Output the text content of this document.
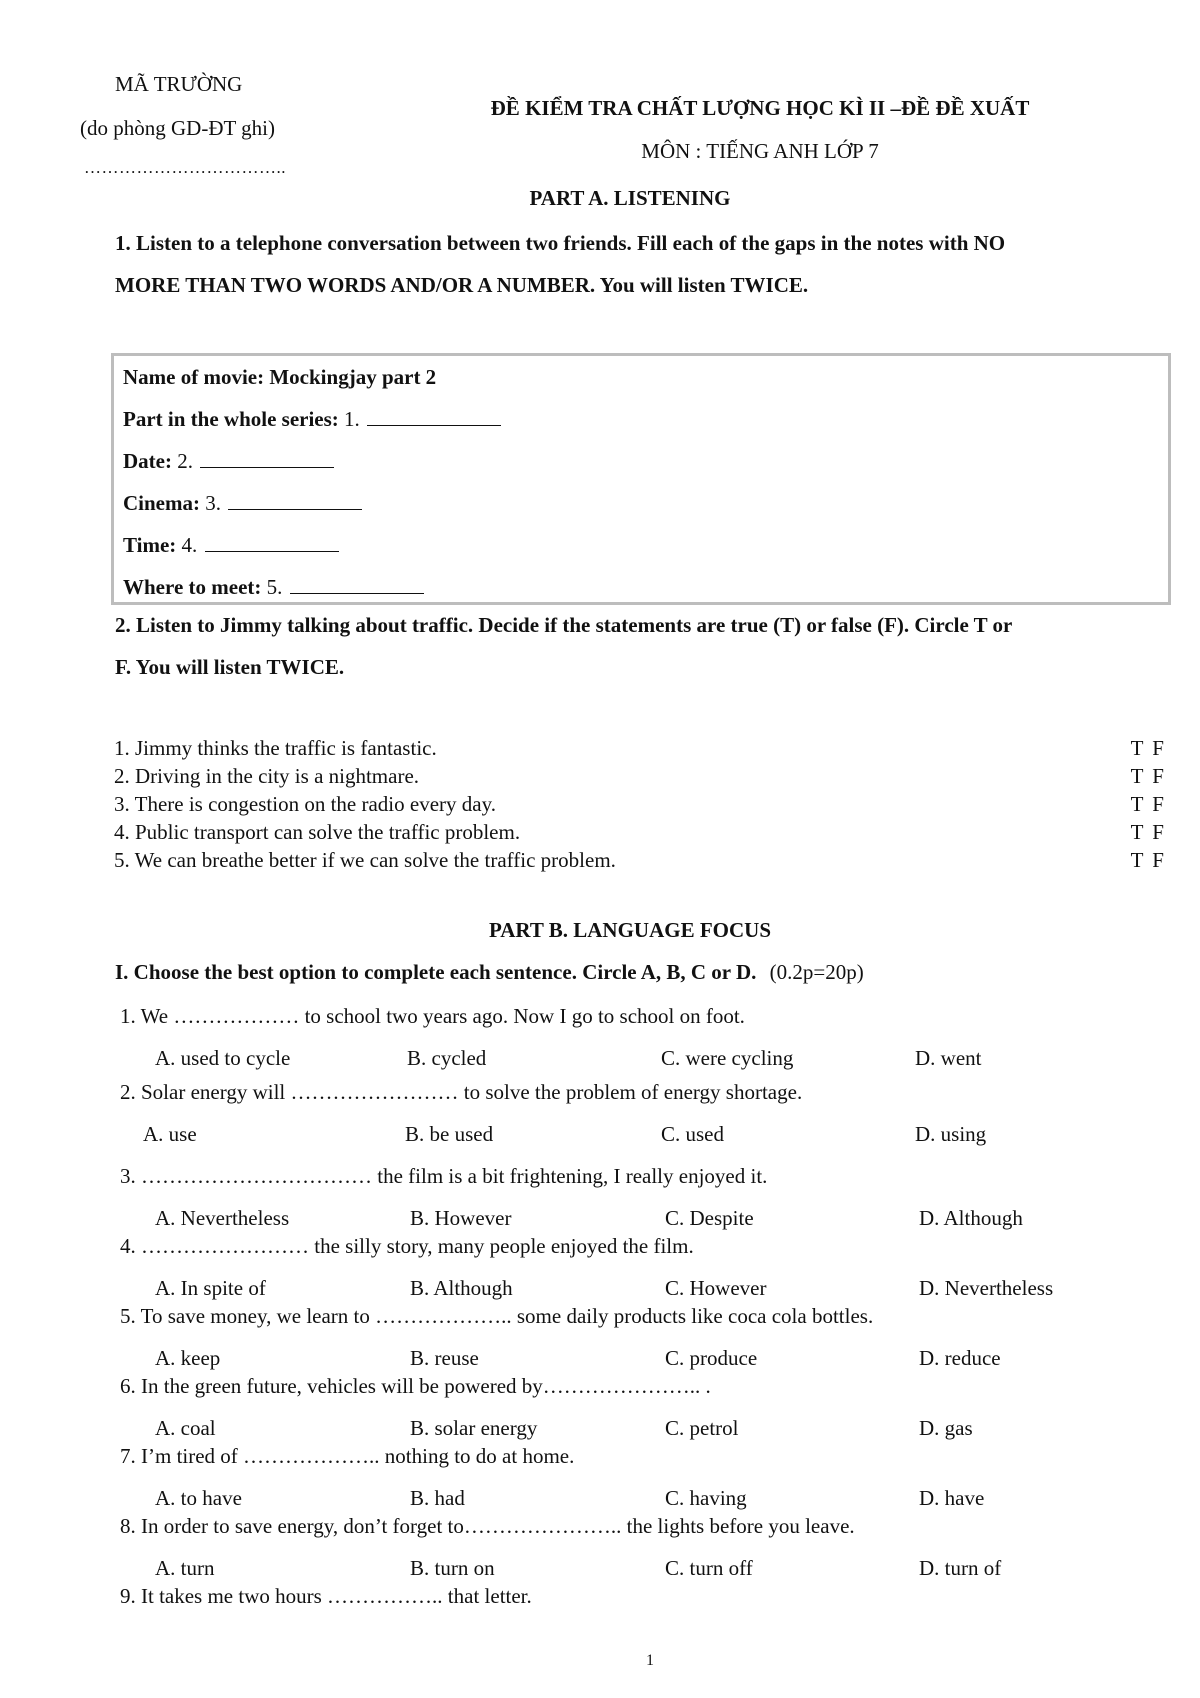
MÃ TRƯỜNG
(do phòng GD-ĐT ghi)
……………………………..
ĐỀ KIỂM TRA CHẤT LƯỢNG HỌC KÌ II –ĐỀ ĐỀ XUẤT
MÔN : TIẾNG ANH LỚP 7
PART A. LISTENING
1. Listen to a telephone conversation between two friends. Fill each of the gaps in the notes with NO
MORE THAN TWO WORDS AND/OR A NUMBER. You will listen TWICE.
Name of movie: Mockingjay part 2
Part in the whole series: 1.
Date: 2.
Cinema: 3.
Time: 4.
Where to meet: 5.
2. Listen to Jimmy talking about traffic. Decide if the statements are true (T) or false (F). Circle T or
F. You will listen TWICE.
1. Jimmy thinks the traffic is fantastic.	T F
2. Driving in the city is a nightmare.	T F
3. There is congestion on the radio every day.	T F
4. Public transport can solve the traffic problem.	T F
5. We can breathe better if we can solve the traffic problem.	T F
PART B. LANGUAGE FOCUS
I. Choose the best option to complete each sentence. Circle A, B, C or D. (0.2p=20p)
1. We ……………… to school two years ago. Now I go to school on foot.
A. used to cycle	B. cycled	C. were cycling	D. went
2. Solar energy will …………………… to solve the problem of energy shortage.
A. use	B. be used	C. used	D. using
3. …………………………… the film is a bit frightening, I really enjoyed it.
A. Nevertheless	B. However	C. Despite	D. Although
4. …………………… the silly story, many people enjoyed the film.
A. In spite of	B. Although	C. However	D. Nevertheless
5. To save money, we learn to ……………….. some daily products like coca cola bottles.
A. keep	B. reuse	C. produce	D. reduce
6. In the green future, vehicles will be powered by………………….. .
A. coal	B. solar energy	C. petrol	D. gas
7. I’m tired of ……………….. nothing to do at home.
A. to have	B. had	C. having	D. have
8. In order to save energy, don’t forget to………………….. the lights before you leave.
A. turn	B. turn on	C. turn off	D. turn of
9. It takes me two hours …………….. that letter.
1
